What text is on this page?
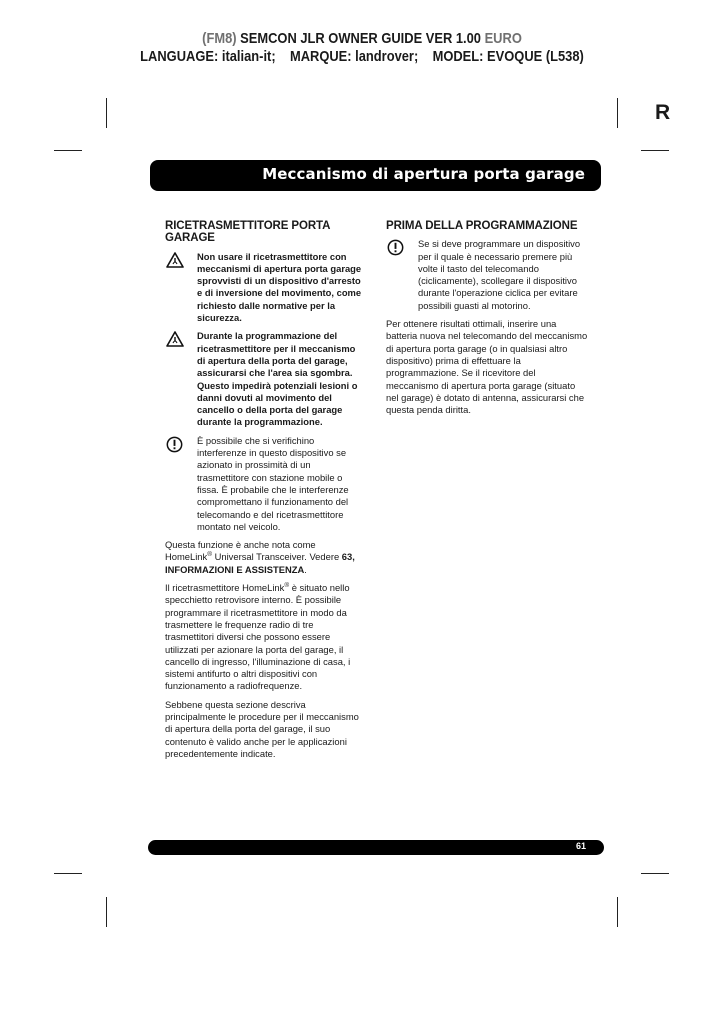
(FM8) SEMCON JLR OWNER GUIDE VER 1.00 EURO
LANGUAGE: italian-it;    MARQUE: landrover;    MODEL: EVOQUE (L538)
R
Meccanismo di apertura porta garage
RICETRASMETTITORE PORTA GARAGE

Non usare il ricetrasmettitore con meccanismi di apertura porta garage sprovvisti di un dispositivo d'arresto e di inversione del movimento, come richiesto dalle normative per la sicurezza.

Durante la programmazione del ricetrasmettitore per il meccanismo di apertura della porta del garage, assicurarsi che l'area sia sgombra. Questo impedirà potenziali lesioni o danni dovuti al movimento del cancello o della porta del garage durante la programmazione.

È possibile che si verifichino interferenze in questo dispositivo se azionato in prossimità di un trasmettitore con stazione mobile o fissa. È probabile che le interferenze compromettano il funzionamento del telecomando e del ricetrasmettitore montato nel veicolo.

Questa funzione è anche nota come HomeLink® Universal Transceiver. Vedere 63, INFORMAZIONI E ASSISTENZA.

Il ricetrasmettitore HomeLink® è situato nello specchietto retrovisore interno. È possibile programmare il ricetrasmettitore in modo da trasmettere le frequenze radio di tre trasmettitori diversi che possono essere utilizzati per azionare la porta del garage, il cancello di ingresso, l'illuminazione di casa, i sistemi antifurto o altri dispositivi con funzionamento a radiofrequenze.

Sebbene questa sezione descriva principalmente le procedure per il meccanismo di apertura della porta del garage, il suo contenuto è valido anche per le applicazioni precedentemente indicate.

PRIMA DELLA PROGRAMMAZIONE

Se si deve programmare un dispositivo per il quale è necessario premere più volte il tasto del telecomando (ciclicamente), scollegare il dispositivo durante l'operazione ciclica per evitare possibili guasti al motorino.

Per ottenere risultati ottimali, inserire una batteria nuova nel telecomando del meccanismo di apertura porta garage (o in qualsiasi altro dispositivo) prima di effettuare la programmazione. Se il ricevitore del meccanismo di apertura porta garage (situato nel garage) è dotato di antenna, assicurarsi che questa penda diritta.

61
